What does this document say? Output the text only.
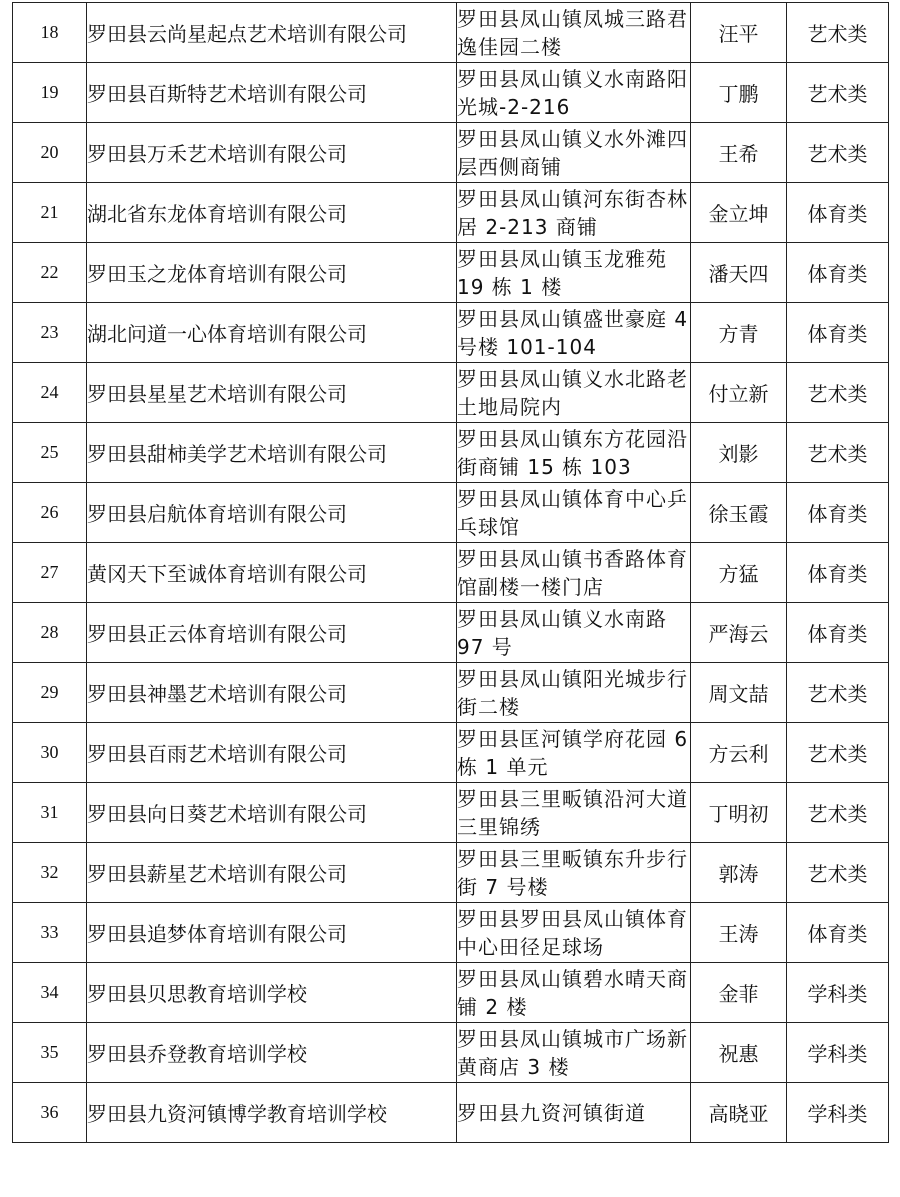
18	罗田县云尚星起点艺术培训有限公司	罗田县凤山镇凤城三路君逸佳园二楼	汪平	艺术类
19	罗田县百斯特艺术培训有限公司	罗田县凤山镇义水南路阳光城-2-216	丁鹏	艺术类
20	罗田县万禾艺术培训有限公司	罗田县凤山镇义水外滩四层西侧商铺	王希	艺术类
21	湖北省东龙体育培训有限公司	罗田县凤山镇河东街杏林居 2-213 商铺	金立坤	体育类
22	罗田玉之龙体育培训有限公司	罗田县凤山镇玉龙雅苑 19 栋 1 楼	潘天四	体育类
23	湖北问道一心体育培训有限公司	罗田县凤山镇盛世豪庭 4 号楼 101-104	方青	体育类
24	罗田县星星艺术培训有限公司	罗田县凤山镇义水北路老土地局院内	付立新	艺术类
25	罗田县甜柿美学艺术培训有限公司	罗田县凤山镇东方花园沿街商铺 15 栋 103	刘影	艺术类
26	罗田县启航体育培训有限公司	罗田县凤山镇体育中心乒乓球馆	徐玉霞	体育类
27	黄冈天下至诚体育培训有限公司	罗田县凤山镇书香路体育馆副楼一楼门店	方猛	体育类
28	罗田县正云体育培训有限公司	罗田县凤山镇义水南路 97 号	严海云	体育类
29	罗田县神墨艺术培训有限公司	罗田县凤山镇阳光城步行街二楼	周文喆	艺术类
30	罗田县百雨艺术培训有限公司	罗田县匡河镇学府花园 6 栋 1 单元	方云利	艺术类
31	罗田县向日葵艺术培训有限公司	罗田县三里畈镇沿河大道三里锦绣	丁明初	艺术类
32	罗田县薪星艺术培训有限公司	罗田县三里畈镇东升步行街 7 号楼	郭涛	艺术类
33	罗田县追梦体育培训有限公司	罗田县罗田县凤山镇体育中心田径足球场	王涛	体育类
34	罗田县贝思教育培训学校	罗田县凤山镇碧水晴天商铺 2 楼	金菲	学科类
35	罗田县乔登教育培训学校	罗田县凤山镇城市广场新黄商店 3 楼	祝惠	学科类
36	罗田县九资河镇博学教育培训学校	罗田县九资河镇街道	高晓亚	学科类
